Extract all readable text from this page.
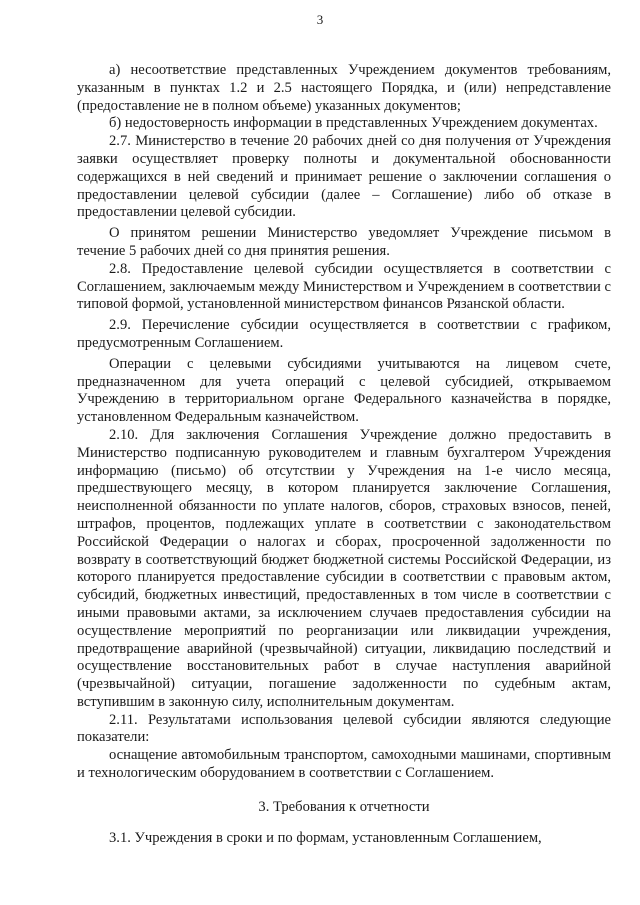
3

а) несоответствие представленных Учреждением документов требованиям, указанным в пунктах 1.2 и 2.5 настоящего Порядка, и (или) непредставление (предоставление не в полном объеме) указанных документов;

б) недостоверность информации в представленных Учреждением документах.

2.7. Министерство в течение 20 рабочих дней со дня получения от Учреждения заявки осуществляет проверку полноты и документальной обоснованности содержащихся в ней сведений и принимает решение о заключении соглашения о предоставлении целевой субсидии (далее – Соглашение) либо об отказе в предоставлении целевой субсидии.

О принятом решении Министерство уведомляет Учреждение письмом в течение 5 рабочих дней со дня принятия решения.

2.8. Предоставление целевой субсидии осуществляется в соответствии с Соглашением, заключаемым между Министерством и Учреждением в соответствии с типовой формой, установленной министерством финансов Рязанской области.

2.9. Перечисление субсидии осуществляется в соответствии с графиком, предусмотренным Соглашением.

Операции с целевыми субсидиями учитываются на лицевом счете, предназначенном для учета операций с целевой субсидией, открываемом Учреждению в территориальном органе Федерального казначейства в порядке, установленном Федеральным казначейством.

2.10. Для заключения Соглашения Учреждение должно предоставить в Министерство подписанную руководителем и главным бухгалтером Учреждения информацию (письмо) об отсутствии у Учреждения на 1-е число месяца, предшествующего месяцу, в котором планируется заключение Соглашения, неисполненной обязанности по уплате налогов, сборов, страховых взносов, пеней, штрафов, процентов, подлежащих уплате в соответствии с законодательством Российской Федерации о налогах и сборах, просроченной задолженности по возврату в соответствующий бюджет бюджетной системы Российской Федерации, из которого планируется предоставление субсидии в соответствии с правовым актом, субсидий, бюджетных инвестиций, предоставленных в том числе в соответствии с иными правовыми актами, за исключением случаев предоставления субсидии на осуществление мероприятий по реорганизации или ликвидации учреждения, предотвращение аварийной (чрезвычайной) ситуации, ликвидацию последствий и осуществление восстановительных работ в случае наступления аварийной (чрезвычайной) ситуации, погашение задолженности по судебным актам, вступившим в законную силу, исполнительным документам.

2.11. Результатами использования целевой субсидии являются следующие показатели:

оснащение автомобильным транспортом, самоходными машинами, спортивным и технологическим оборудованием в соответствии с Соглашением.

3. Требования к отчетности

3.1. Учреждения в сроки и по формам, установленным Соглашением,
